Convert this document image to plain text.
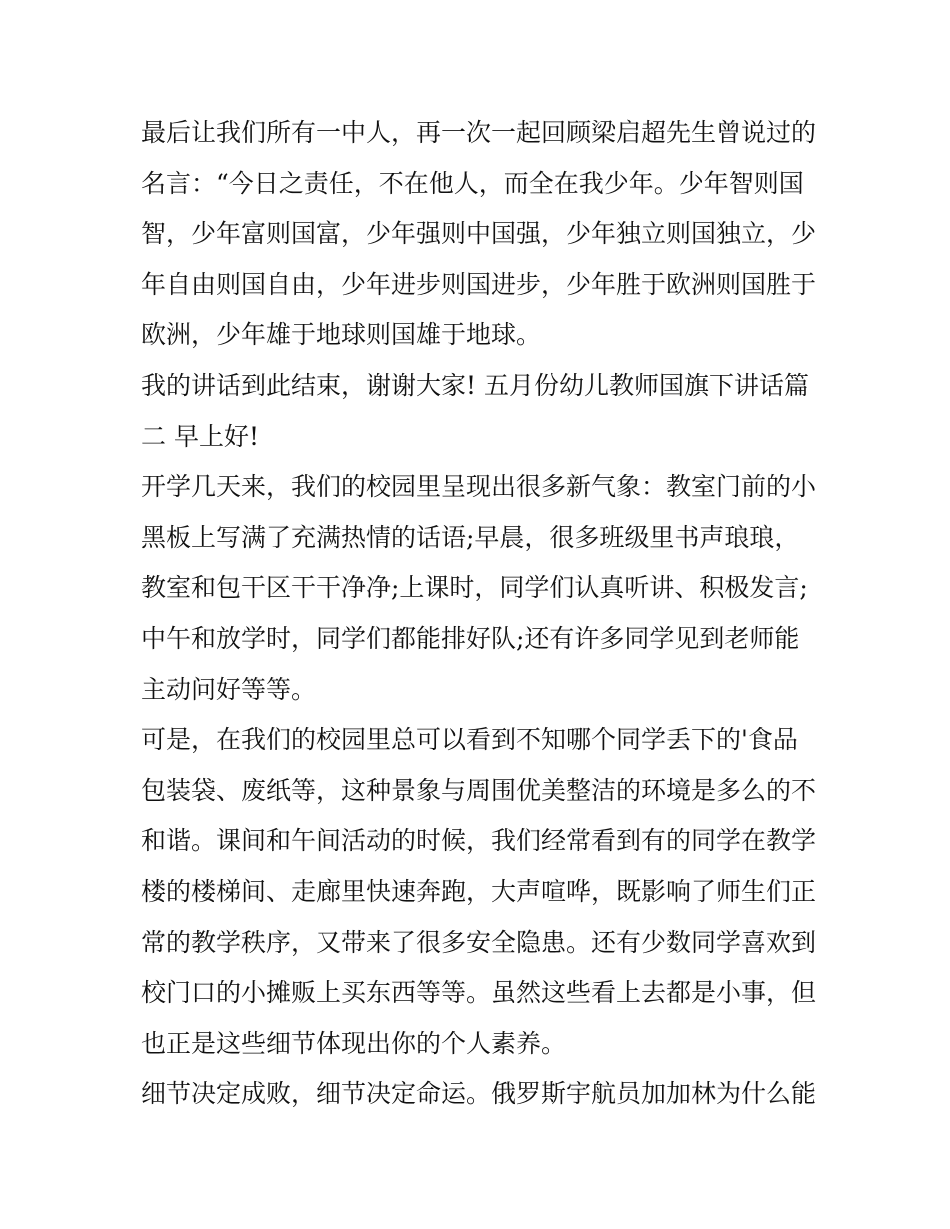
最后让我们所有一中人，再一次一起回顾梁启超先生曾说过的
名言：“今日之责任，不在他人，而全在我少年。少年智则国
智，少年富则国富，少年强则中国强，少年独立则国独立，少
年自由则国自由，少年进步则国进步，少年胜于欧洲则国胜于
欧洲，少年雄于地球则国雄于地球。
我的讲话到此结束，谢谢大家! 五月份幼儿教师国旗下讲话篇
二 早上好!
开学几天来，我们的校园里呈现出很多新气象：教室门前的小
黑板上写满了充满热情的话语;早晨，很多班级里书声琅琅，
教室和包干区干干净净;上课时，同学们认真听讲、积极发言;
中午和放学时，同学们都能排好队;还有许多同学见到老师能
主动问好等等。
可是，在我们的校园里总可以看到不知哪个同学丢下的'食品
包装袋、废纸等，这种景象与周围优美整洁的环境是多么的不
和谐。课间和午间活动的时候，我们经常看到有的同学在教学
楼的楼梯间、走廊里快速奔跑，大声喧哗，既影响了师生们正
常的教学秩序，又带来了很多安全隐患。还有少数同学喜欢到
校门口的小摊贩上买东西等等。虽然这些看上去都是小事，但
也正是这些细节体现出你的个人素养。
细节决定成败，细节决定命运。俄罗斯宇航员加加林为什么能
